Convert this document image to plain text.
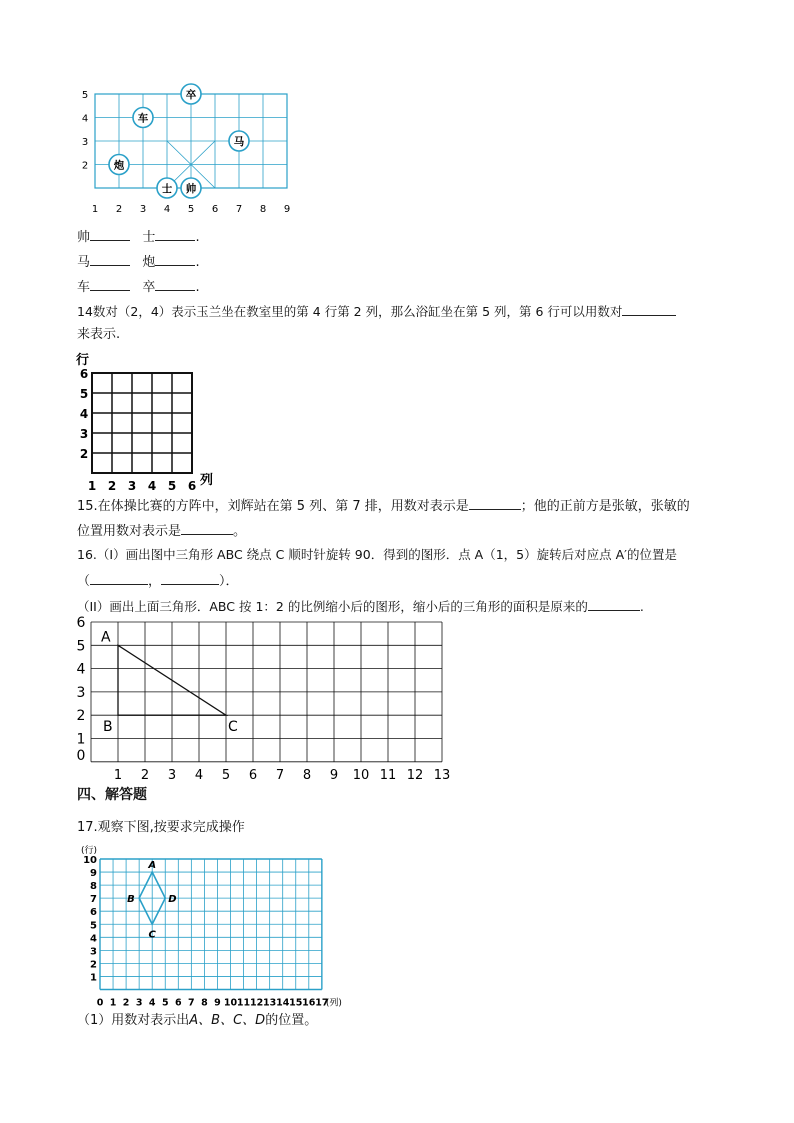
1 2 3 4 5 6 7 8 9
2
3
4
5	卒
车
马
炮
士 帅
帅	士	.
马	炮	.
车	卒	.
14数对（2，4）表示玉兰坐在教室里的第 4 行第 2 列，那么浴缸坐在第 5 列，第 6 行可以用数对
来表示.
行
2
3
4
5
6
1 2 3 4 5 6 列
15.在体操比赛的方阵中，刘辉站在第 5 列、第 7 排，用数对表示是	；他的正前方是张敏，张敏的
位置用数对表示是	。
16.（I）画出图中三角形 ABC 绕点 C 顺时针旋转 90．得到的图形．点 A（1，5）旋转后对应点 A′的位置是
（	，	）．
（II）画出上面三角形．ABC 按 1：2 的比例缩小后的图形，缩小后的三角形的面积是原来的	.
0
1
2
3
4
5
6
1 2 3 4 5 6 7 8 9 10 11 12 13
A
B	C
四、解答题
17.观察下图,按要求完成操作
(行)
1
2
3
4
5
6
7
8
9
10
0 1 2 3 4 5 6 7 8 9 10 11 12 13 14 15 16 17
(列)
A
B
C
D
（1）用数对表示出A、B、C、D的位置。
